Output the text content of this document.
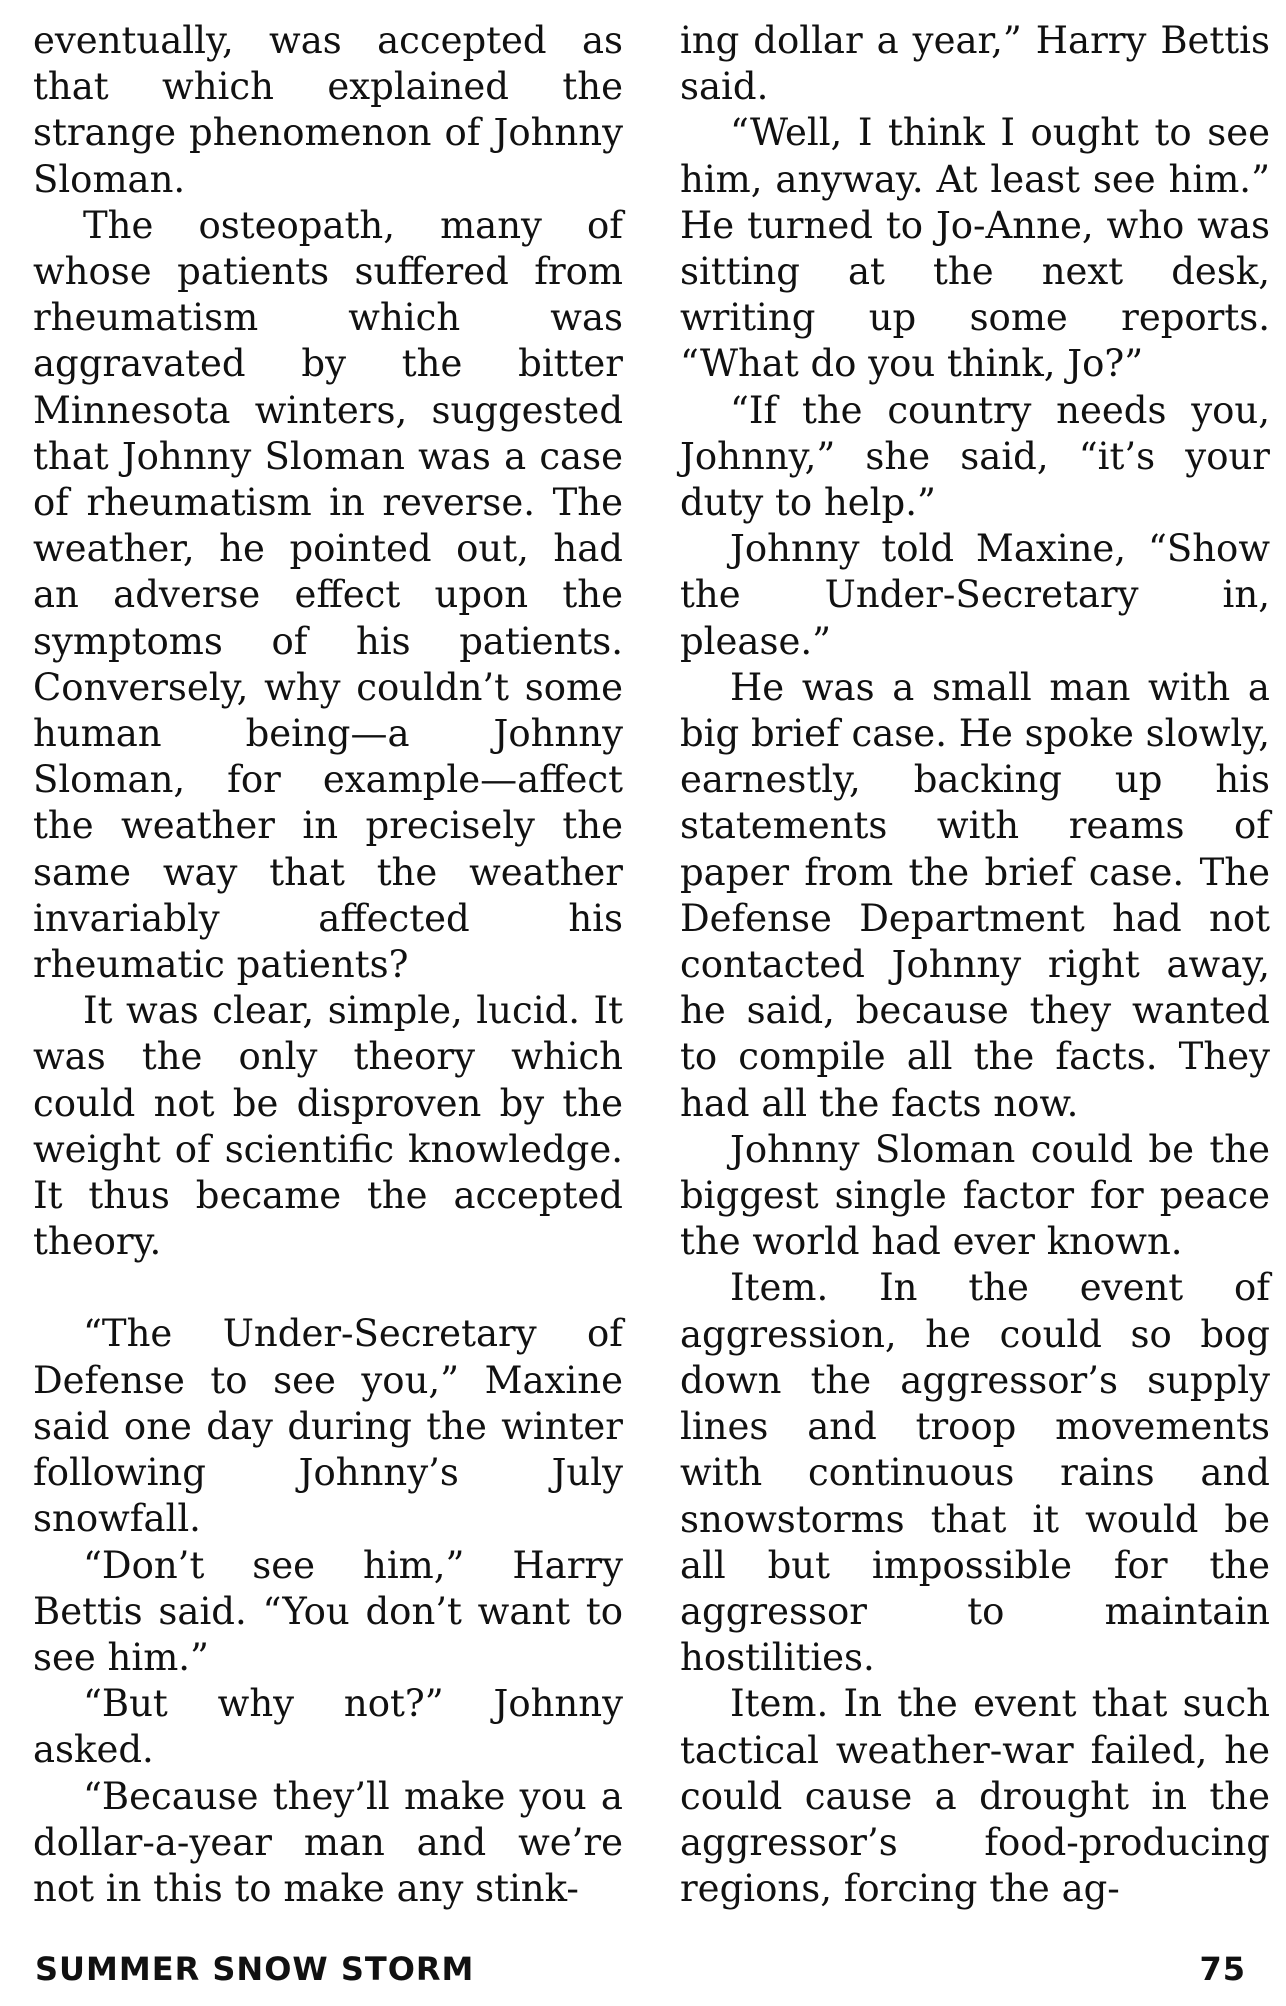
eventually, was accepted as that which explained the strange phenomenon of Johnny Sloman.

The osteopath, many of whose patients suffered from rheumatism which was aggravated by the bitter Minnesota winters, suggested that Johnny Sloman was a case of rheumatism in reverse. The weather, he pointed out, had an adverse effect upon the symptoms of his patients. Conversely, why couldn’t some human being—a Johnny Sloman, for example—affect the weather in precisely the same way that the weather invariably affected his rheumatic patients?

It was clear, simple, lucid. It was the only theory which could not be disproven by the weight of scientific knowledge. It thus became the accepted theory.

“The Under-Secretary of Defense to see you,” Maxine said one day during the winter following Johnny’s July snowfall.

“Don’t see him,” Harry Bettis said. “You don’t want to see him.”

“But why not?” Johnny asked.

“Because they’ll make you a dollar-a-year man and we’re not in this to make any stink-

ing dollar a year,” Harry Bettis said.

“Well, I think I ought to see him, anyway. At least see him.” He turned to Jo-Anne, who was sitting at the next desk, writing up some reports. “What do you think, Jo?”

“If the country needs you, Johnny,” she said, “it’s your duty to help.”

Johnny told Maxine, “Show the Under-Secretary in, please.”

He was a small man with a big brief case. He spoke slowly, earnestly, backing up his statements with reams of paper from the brief case. The Defense Department had not contacted Johnny right away, he said, because they wanted to compile all the facts. They had all the facts now.

Johnny Sloman could be the biggest single factor for peace the world had ever known.

Item. In the event of aggression, he could so bog down the aggressor’s supply lines and troop movements with continuous rains and snowstorms that it would be all but impossible for the aggressor to maintain hostilities.

Item. In the event that such tactical weather-war failed, he could cause a drought in the aggressor’s food-producing regions, forcing the ag-

SUMMER SNOW STORM	75
